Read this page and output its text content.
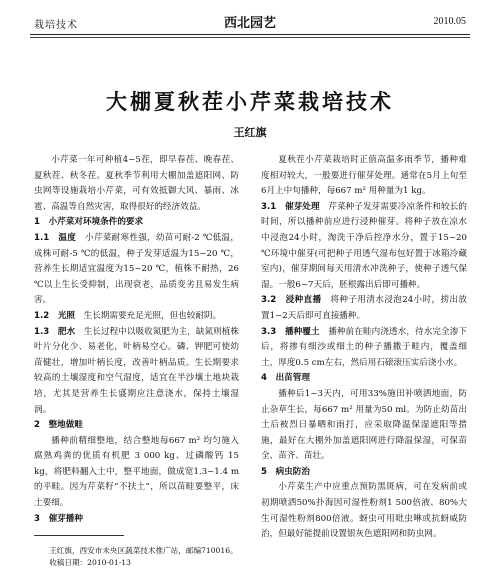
栽培技术	西北园艺	2010.05
大棚夏秋茬小芹菜栽培技术
王红旗

小芹菜一年可种植4~5茬，即早春茬、晚春茬、夏秋茬、秋冬茬。夏秋季节利用大棚加盖遮阳网、防虫网等设施栽培小芹菜，可有效抵御大风、暴雨、冰雹、高温等自然灾害，取得很好的经济效益。

1　小芹菜对环境条件的要求

1.1　温度　 小芹菜耐寒性强，幼苗可耐-2 ℃低温，成株可耐-5 ℃的低温，种子发芽适温为15~20 ℃，营养生长期适宜温度为15~20 ℃，植株不耐热，26 ℃以上生长受抑制，出现衰老，品质变劣且易发生病害。

1.2　光照　 生长期需要充足光照，但也较耐阴。

1.3　肥水　 生长过程中以吸收氮肥为主，缺氮则植株叶片分化少、易老化，叶柄易空心。磷、钾肥可使幼苗健壮，增加叶柄长度，改善叶柄品质。生长期要求较高的土壤湿度和空气湿度，适宜在半沙壤土地块栽培，尤其是营养生长盛期应注意浇水，保持土壤湿润。

2　整地做畦

播种前精细整地，结合整地每667 m² 均匀施入腐熟鸡粪的优质有机肥 3 000 kg、过磷酸钙 15 kg，将肥料翻入土中，整平地面，做成宽1.3~1.4 m的平畦。因为芹菜籽“不扶土”，所以苗畦要整平，床土要细。

3　催芽播种

王红旗，西安市未央区蔬菜技术推广站，邮编710016。

收稿日期：2010-01-13

夏秋茬小芹菜栽培时正值高温多雨季节，播种难度相对较大，一般要进行催芽处理。通常在5月上旬至6月上中旬播种，每667 m² 用种量为1 kg。

3.1　催芽处理　 芹菜种子发芽需要冷凉条件和较长的时间，所以播种前应进行浸种催芽。将种子放在凉水中浸泡24小时，淘洗干净后控净水分，置于15~20 ℃环境中催芽(可把种子用透气湿布包好置于冰箱冷藏室内)，催芽期间每天用清水冲洗种子，使种子透气保湿。一般6~7天后，胚根露出后即可播种。

3.2　浸种直播　 将种子用清水浸泡24小时，捞出放置1~2天后即可直接播种。

3.3　播种覆土　 播种前在畦内浇透水，待水完全渗下后，将掺有细沙或细土的种子播撒于畦内，覆盖细土，厚度0.5 cm左右，然后用石磙滚压实后浇小水。

4　出苗管理

播种后1~3天内，可用33%施田补喷洒地面，防止杂草生长，每667 m² 用量为50 ml。为防止幼苗出土后被烈日暴晒和雨打，应采取降温保湿遮阳等措施，最好在大棚外加盖遮阳网进行降温保湿，可保苗全、苗齐、苗壮。

5　病虫防治

小芹菜生产中应重点预防黑斑病，可在发病前或初期喷洒50%扑海因可湿性粉剂1 500倍液、80%大生可湿性粉剂800倍液。蚜虫可用吡虫啉或抗蚜威防治，但最好能提前设置银灰色遮阳网和防虫网。
